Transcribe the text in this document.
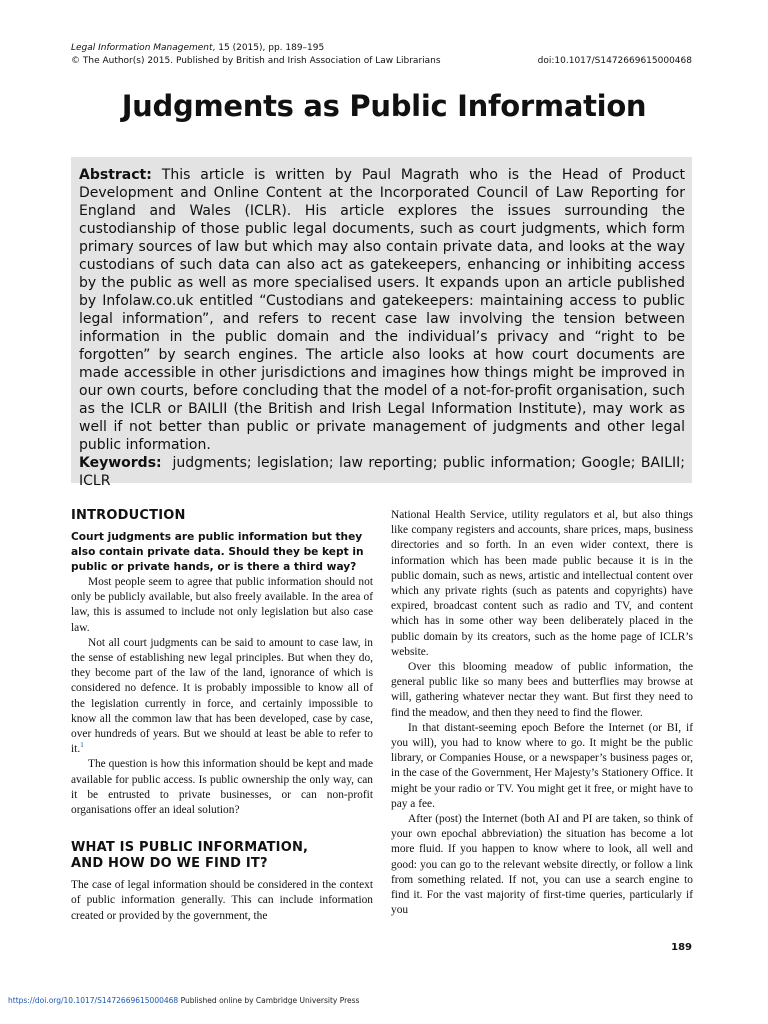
Legal Information Management, 15 (2015), pp. 189–195
© The Author(s) 2015. Published by British and Irish Association of Law Librarians	doi:10.1017/S1472669615000468
Judgments as Public Information

Abstract: This article is written by Paul Magrath who is the Head of Product Development and Online Content at the Incorporated Council of Law Reporting for England and Wales (ICLR). His article explores the issues surrounding the custodianship of those public legal documents, such as court judgments, which form primary sources of law but which may also contain private data, and looks at the way custodians of such data can also act as gatekeepers, enhancing or inhibiting access by the public as well as more specialised users. It expands upon an article published by Infolaw.co.uk entitled “Custodians and gatekeepers: maintaining access to public legal information”, and refers to recent case law involving the tension between information in the public domain and the individual’s privacy and “right to be forgotten” by search engines. The article also looks at how court documents are made accessible in other jurisdictions and imagines how things might be improved in our own courts, before concluding that the model of a not-for-profit organisation, such as the ICLR or BAILII (the British and Irish Legal Information Institute), may work as well if not better than public or private management of judgments and other legal public information.

Keywords: judgments; legislation; law reporting; public information; Google; BAILII; ICLR

INTRODUCTION

Court judgments are public information but they also contain private data. Should they be kept in public or private hands, or is there a third way?

Most people seem to agree that public information should not only be publicly available, but also freely available. In the area of law, this is assumed to include not only legislation but also case law.

Not all court judgments can be said to amount to case law, in the sense of establishing new legal principles. But when they do, they become part of the law of the land, ignorance of which is considered no defence. It is probably impossible to know all of the legislation currently in force, and certainly impossible to know all the common law that has been developed, case by case, over hundreds of years. But we should at least be able to refer to it.$^1$

The question is how this information should be kept and made available for public access. Is public ownership the only way, can it be entrusted to private businesses, or can non-profit organisations offer an ideal solution?

WHAT IS PUBLIC INFORMATION,
AND HOW DO WE FIND IT?

The case of legal information should be considered in the context of public information generally. This can include information created or provided by the government, the

National Health Service, utility regulators et al, but also things like company registers and accounts, share prices, maps, business directories and so forth. In an even wider context, there is information which has been made public because it is in the public domain, such as news, artistic and intellectual content over which any private rights (such as patents and copyrights) have expired, broadcast content such as radio and TV, and content which has in some other way been deliberately placed in the public domain by its creators, such as the home page of ICLR’s website.

Over this blooming meadow of public information, the general public like so many bees and butterflies may browse at will, gathering whatever nectar they want. But first they need to find the meadow, and then they need to find the flower.

In that distant-seeming epoch Before the Internet (or BI, if you will), you had to know where to go. It might be the public library, or Companies House, or a newspaper’s business pages or, in the case of the Government, Her Majesty’s Stationery Office. It might be your radio or TV. You might get it free, or might have to pay a fee.

After (post) the Internet (both AI and PI are taken, so think of your own epochal abbreviation) the situation has become a lot more fluid. If you happen to know where to look, all well and good: you can go to the relevant website directly, or follow a link from something related. If not, you can use a search engine to find it. For the vast majority of first-time queries, particularly if you

189
https://doi.org/10.1017/S1472669615000468 Published online by Cambridge University Press
